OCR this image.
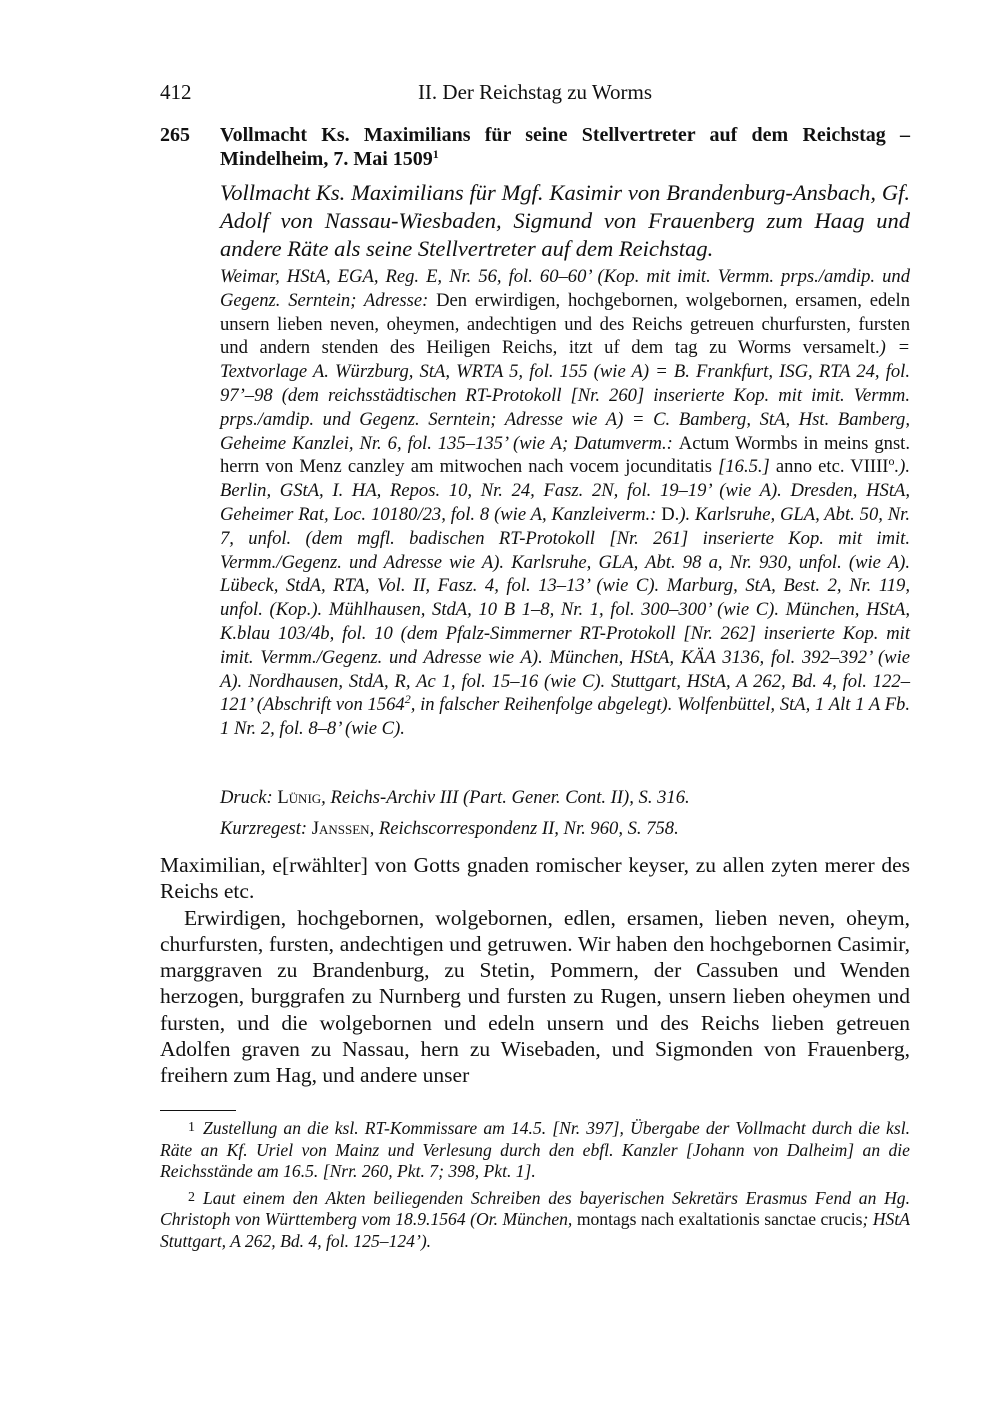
412	II. Der Reichstag zu Worms
265 Vollmacht Ks. Maximilians für seine Stellvertreter auf dem Reichstag – Mindelheim, 7. Mai 1509$^1$
Vollmacht Ks. Maximilians für Mgf. Kasimir von Brandenburg-Ansbach, Gf. Adolf von Nassau-Wiesbaden, Sigmund von Frauenberg zum Haag und andere Räte als seine Stellvertreter auf dem Reichstag.
Weimar, HStA, EGA, Reg. E, Nr. 56, fol. 60–60’ (Kop. mit imit. Vermm. prps./amdip. und Gegenz. Serntein; Adresse: Den erwirdigen, hochgebornen, wolgebornen, ersamen, edeln unsern lieben neven, oheymen, andechtigen und des Reichs getreuen churfursten, fursten und andern stenden des Heiligen Reichs, itzt uf dem tag zu Worms versamelt.) = Textvorlage A. Würzburg, StA, WRTA 5, fol. 155 (wie A) = B. Frankfurt, ISG, RTA 24, fol. 97’–98 (dem reichsstädtischen RT-Protokoll [Nr. 260] inserierte Kop. mit imit. Vermm. prps./amdip. und Gegenz. Serntein; Adresse wie A) = C. Bamberg, StA, Hst. Bamberg, Geheime Kanzlei, Nr. 6, fol. 135–135’ (wie A; Datumverm.: Actum Wormbs in meins gnst. herrn von Menz canzley am mitwochen nach vocem jocunditatis [16.5.] anno etc. VIIII$^o$.). Berlin, GStA, I. HA, Repos. 10, Nr. 24, Fasz. 2N, fol. 19–19’ (wie A). Dresden, HStA, Geheimer Rat, Loc. 10180/23, fol. 8 (wie A, Kanzleiverm.: D.). Karlsruhe, GLA, Abt. 50, Nr. 7, unfol. (dem mgfl. badischen RT-Protokoll [Nr. 261] inserierte Kop. mit imit. Vermm./Gegenz. und Adresse wie A). Karlsruhe, GLA, Abt. 98 a, Nr. 930, unfol. (wie A). Lübeck, StdA, RTA, Vol. II, Fasz. 4, fol. 13–13’ (wie C). Marburg, StA, Best. 2, Nr. 119, unfol. (Kop.). Mühlhausen, StdA, 10 B 1–8, Nr. 1, fol. 300–300’ (wie C). München, HStA, K.blau 103/4b, fol. 10 (dem Pfalz-Simmerner RT-Protokoll [Nr. 262] inserierte Kop. mit imit. Vermm./Gegenz. und Adresse wie A). München, HStA, KÄA 3136, fol. 392–392’ (wie A). Nordhausen, StdA, R, Ac 1, fol. 15–16 (wie C). Stuttgart, HStA, A 262, Bd. 4, fol. 122–121’ (Abschrift von 1564$^2$, in falscher Reihenfolge abgelegt). Wolfenbüttel, StA, 1 Alt 1 A Fb. 1 Nr. 2, fol. 8–8’ (wie C).
Druck: Lünig, Reichs-Archiv III (Part. Gener. Cont. II), S. 316.
Kurzregest: Janssen, Reichscorrespondenz II, Nr. 960, S. 758.

Maximilian, e[rwählter] von Gotts gnaden romischer keyser, zu allen zyten merer des Reichs etc.

Erwirdigen, hochgebornen, wolgebornen, edlen, ersamen, lieben neven, oheym, churfursten, fursten, andechtigen und getruwen. Wir haben den hochgebornen Casimir, marggraven zu Brandenburg, zu Stetin, Pommern, der Cassuben und Wenden herzogen, burggrafen zu Nurnberg und fursten zu Rugen, unsern lieben oheymen und fursten, und die wolgebornen und edeln unsern und des Reichs lieben getreuen Adolfen graven zu Nassau, hern zu Wisebaden, und Sigmonden von Frauenberg, freihern zum Hag, und andere unser

1 Zustellung an die ksl. RT-Kommissare am 14.5. [Nr. 397], Übergabe der Vollmacht durch die ksl. Räte an Kf. Uriel von Mainz und Verlesung durch den ebfl. Kanzler [Johann von Dalheim] an die Reichsstände am 16.5. [Nrr. 260, Pkt. 7; 398, Pkt. 1].

2 Laut einem den Akten beiliegenden Schreiben des bayerischen Sekretärs Erasmus Fend an Hg. Christoph von Württemberg vom 18.9.1564 (Or. München, montags nach exaltationis sanctae crucis; HStA Stuttgart, A 262, Bd. 4, fol. 125–124’).
